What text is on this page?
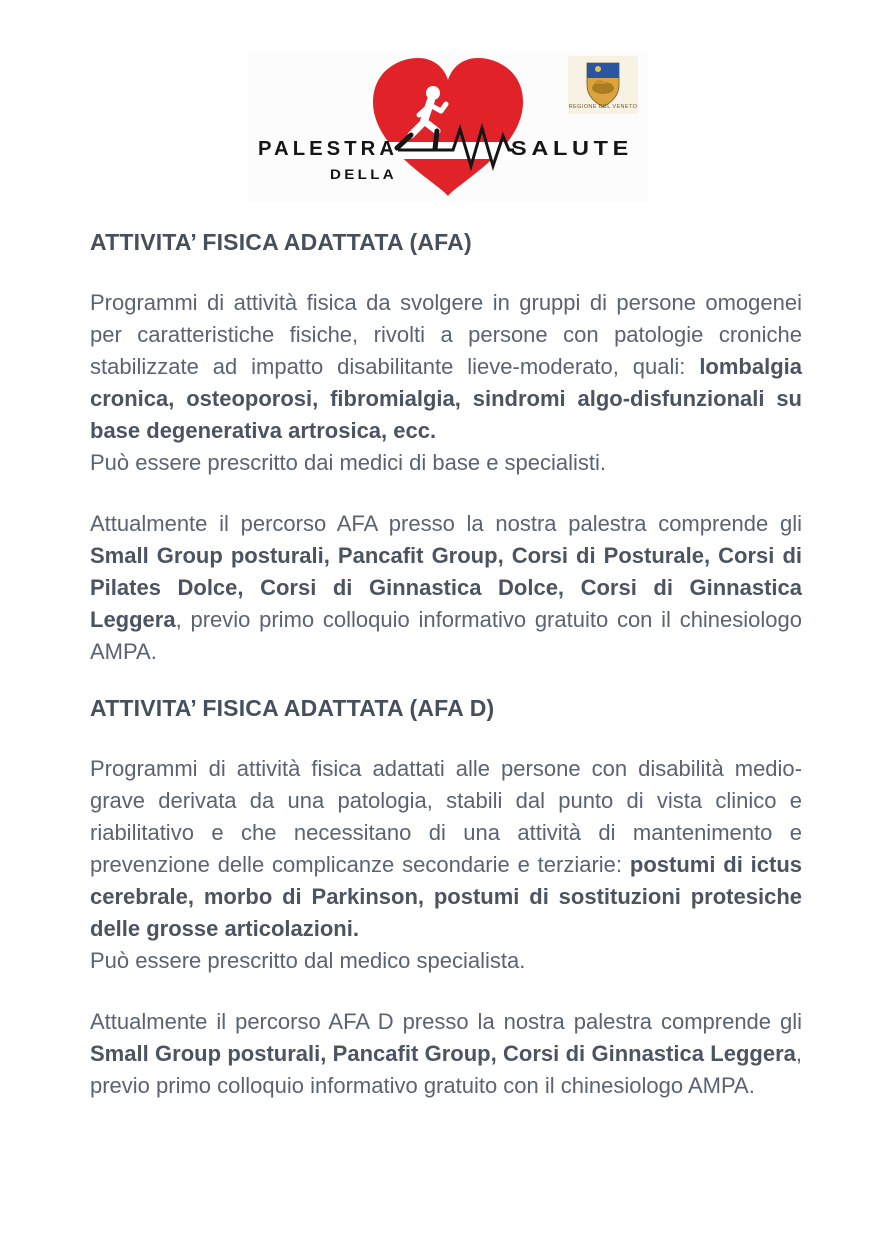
PALESTRA
DELLA
SALUTE
REGIONE DEL VENETO
ATTIVITA’ FISICA ADATTATA (AFA)

Programmi di attività fisica da svolgere in gruppi di persone omogenei per caratteristiche fisiche, rivolti a persone con patologie croniche stabilizzate ad impatto disabilitante lieve-moderato, quali: lombalgia cronica, osteoporosi, fibromialgia, sindromi algo-disfunzionali su base degenerativa artrosica, ecc.
Può essere prescritto dai medici di base e specialisti.

Attualmente il percorso AFA presso la nostra palestra comprende gli Small Group posturali, Pancafit Group, Corsi di Posturale, Corsi di Pilates Dolce, Corsi di Ginnastica Dolce, Corsi di Ginnastica Leggera, previo primo colloquio informativo gratuito con il chinesiologo AMPA.

ATTIVITA’ FISICA ADATTATA (AFA D)

Programmi di attività fisica adattati alle persone con disabilità medio-grave derivata da una patologia, stabili dal punto di vista clinico e riabilitativo e che necessitano di una attività di mantenimento e prevenzione delle complicanze secondarie e terziarie: postumi di ictus cerebrale, morbo di Parkinson, postumi di sostituzioni protesiche delle grosse articolazioni.
Può essere prescritto dal medico specialista.

Attualmente il percorso AFA D presso la nostra palestra comprende gli Small Group posturali, Pancafit Group, Corsi di Ginnastica Leggera, previo primo colloquio informativo gratuito con il chinesiologo AMPA.
